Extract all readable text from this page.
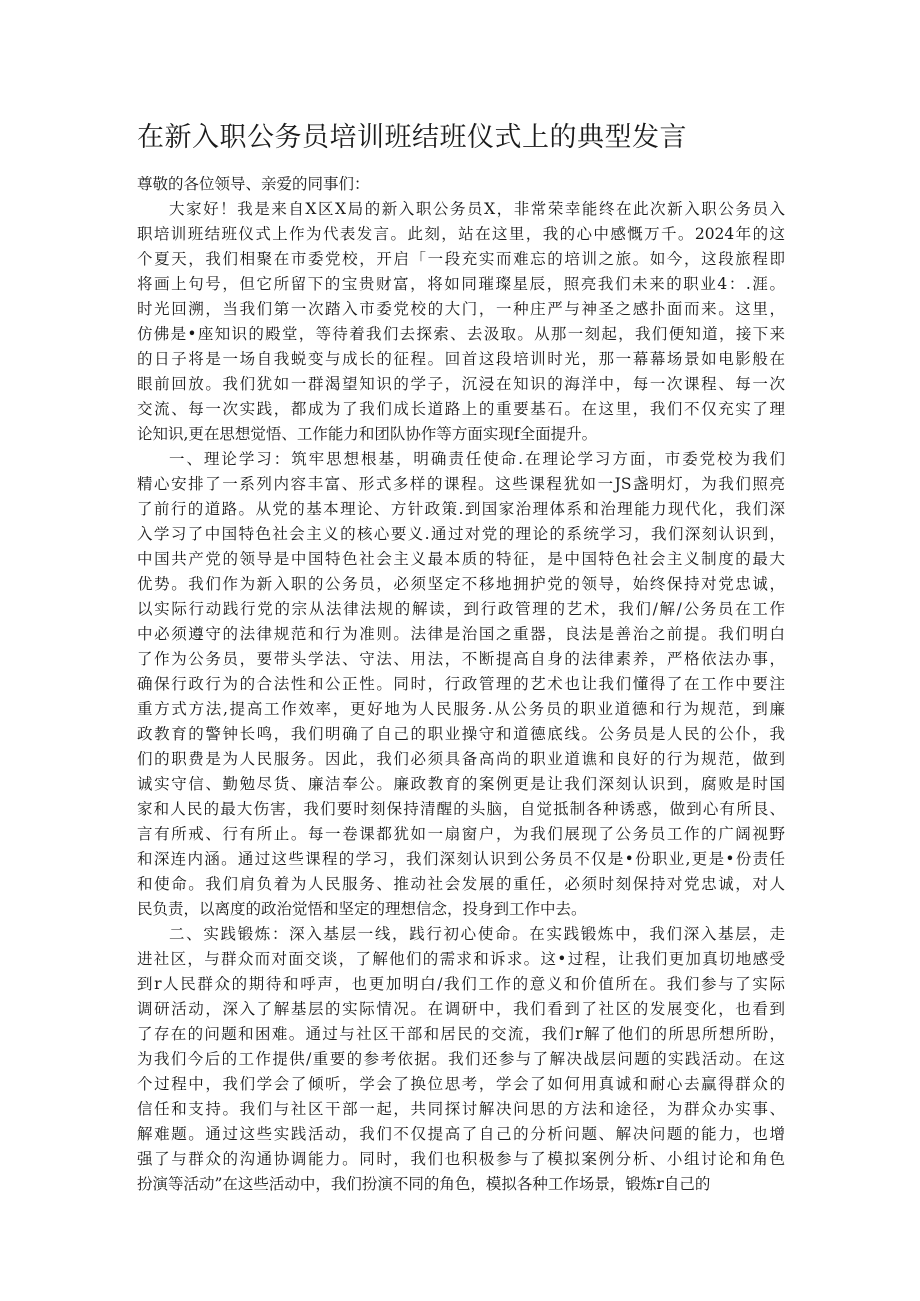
在新入职公务员培训班结班仪式上的典型发言
尊敬的各位领导、亲爱的同事们：
大家好！我是来自X区X局的新入职公务员X，非常荣幸能终在此次新入职公务员入
职培训班结班仪式上作为代表发言。此刻，站在这里，我的心中感慨万千。2024年的这
个夏天，我们相聚在市委党校，开启「一段充实而难忘的培训之旅。如今，这段旅程即
将画上句号，但它所留下的宝贵财富，将如同璀璨星辰，照亮我们未来的职业4：.涯。
时光回溯，当我们第一次踏入市委党校的大门，一种庄严与神圣之感扑面而来。这里，
仿佛是•座知识的殿堂，等待着我们去探索、去汲取。从那一刻起，我们便知道，接下来
的日子将是一场自我蜕变与成长的征程。回首这段培训时光，那一幕幕场景如电影般在
眼前回放。我们犹如一群渴望知识的学子，沉浸在知识的海洋中，每一次课程、每一次
交流、每一次实践，都成为了我们成长道路上的重要基石。在这里，我们不仅充实了理
论知识,更在思想觉悟、工作能力和团队协作等方面实现f全面提升。
一、理论学习：筑牢思想根基，明确责任使命.在理论学习方面，市委党校为我们
精心安排了一系列内容丰富、形式多样的课程。这些课程犹如一JS盏明灯，为我们照亮
了前行的道路。从党的基本理论、方针政策.到国家治理体系和治理能力现代化，我们深
入学习了中国特色社会主义的核心要义.通过对党的理论的系统学习，我们深刻认识到，
中国共产党的领导是中国特色社会主义最本质的特征，是中国特色社会主义制度的最大
优势。我们作为新入职的公务员，必须坚定不移地拥护党的领导，始终保持对党忠诚，
以实际行动践行党的宗从法律法规的解读，到行政管理的艺术，我们/解/公务员在工作
中必须遵守的法律规范和行为准则。法律是治国之重器，良法是善治之前提。我们明白
了作为公务员，要带头学法、守法、用法，不断提高自身的法律素养，严格依法办事，
确保行政行为的合法性和公正性。同时，行政管理的艺术也让我们懂得了在工作中要注
重方式方法,提高工作效率，更好地为人民服务.从公务员的职业道德和行为规范，到廉
政教育的警钟长鸣，我们明确了自己的职业操守和道德底线。公务员是人民的公仆，我
们的职费是为人民服务。因此，我们必须具备高尚的职业道谯和良好的行为规范，做到
诚实守信、勤勉尽货、廉洁奉公。廉政教育的案例更是让我们深刻认识到，腐败是时国
家和人民的最大伤害，我们要时刻保持清醒的头脑，自觉抵制各种诱惑，做到心有所艮、
言有所戒、行有所止。每一卷课都犹如一扇窗户，为我们展现了公务员工作的广阔视野
和深连内涵。通过这些课程的学习，我们深刻认识到公务员不仅是•份职业,更是•份责任
和使命。我们肩负着为人民服务、推动社会发展的重任，必须时刻保持对党忠诚，对人
民负责，以离度的政治觉悟和坚定的理想信念，投身到工作中去。
二、实践锻炼：深入基层一线，践行初心使命。在实践锻炼中，我们深入基层，走
进社区，与群众而对面交谈，了解他们的需求和诉求。这•过程，让我们更加真切地感受
到r人民群众的期待和呼声，也更加明白/我们工作的意义和价值所在。我们参与了实际
调研活动，深入了解基层的实际情况。在调研中，我们看到了社区的发展变化，也看到
了存在的问题和困难。通过与社区干部和居民的交流，我们r解了他们的所思所想所盼，
为我们今后的工作提供/重要的参考依据。我们还参与了解决战层问题的实践活动。在这
个过程中，我们学会了倾听，学会了换位思考，学会了如何用真诚和耐心去赢得群众的
信任和支持。我们与社区干部一起，共同探讨解决问思的方法和途径，为群众办实事、
解难题。通过这些实践活动，我们不仅提高了自己的分析问题、解决问题的能力，也增
强了与群众的沟通协调能力。同时，我们也积极参与了模拟案例分析、小组讨论和角色
扮演等活动”在这些活动中，我们扮演不同的角色，模拟各种工作场景，锻炼r自己的
